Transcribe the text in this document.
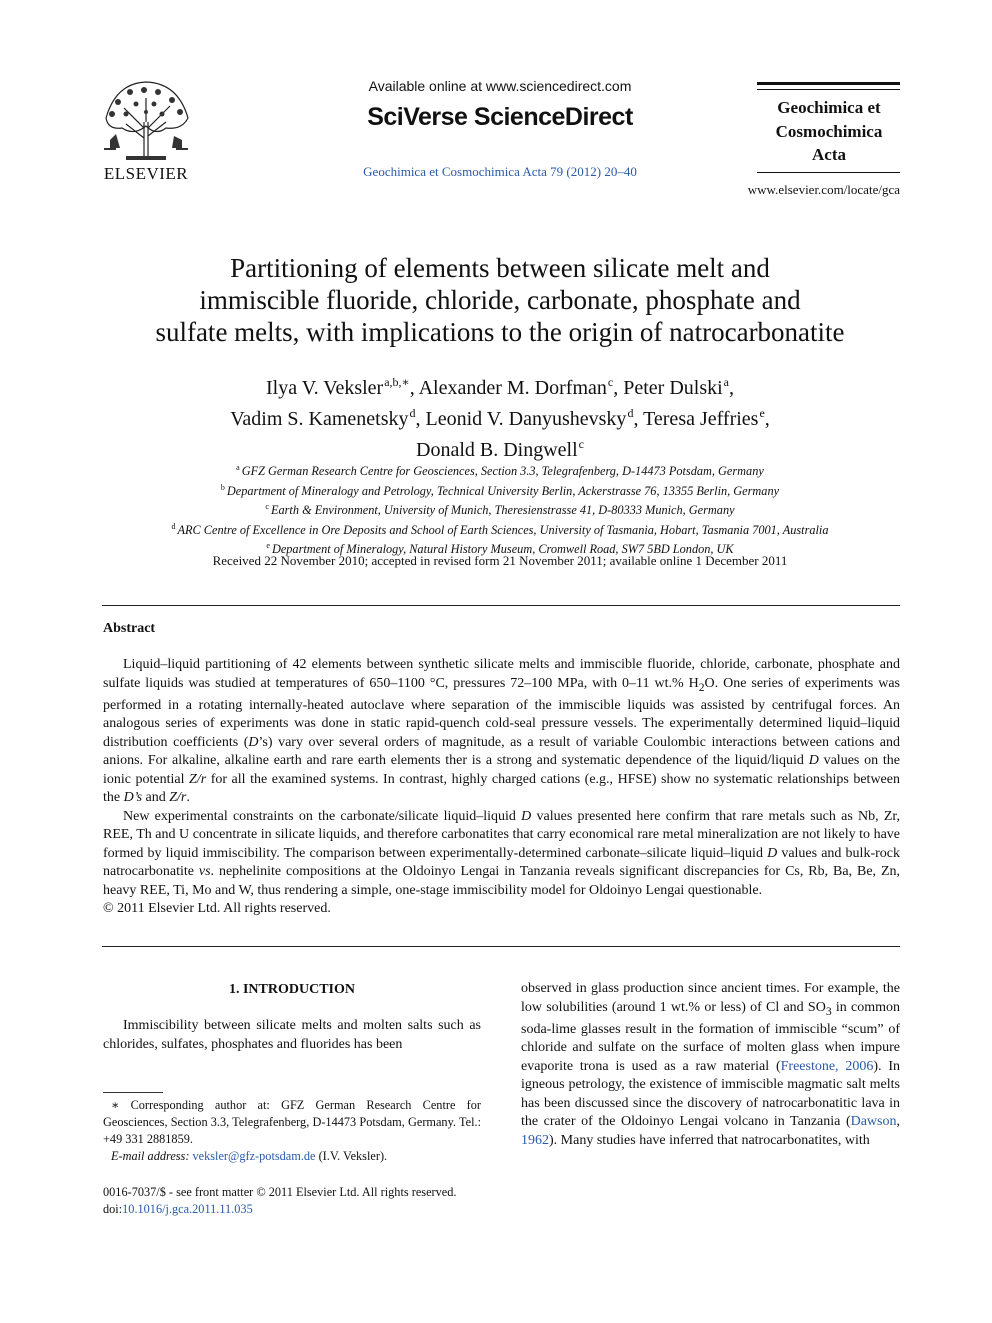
ELSEVIER
Available online at www.sciencedirect.com
SciVerse ScienceDirect
Geochimica et Cosmochimica Acta 79 (2012) 20–40
Geochimica et
Cosmochimica
Acta
www.elsevier.com/locate/gca
Partitioning of elements between silicate melt and
immiscible fluoride, chloride, carbonate, phosphate and
sulfate melts, with implications to the origin of natrocarbonatite
Ilya V. Veksler$^{a,b,∗}$, Alexander M. Dorfman$^c$, Peter Dulski$^a$,
Vadim S. Kamenetsky$^d$, Leonid V. Danyushevsky$^d$, Teresa Jeffries$^e$,
Donald B. Dingwell$^c$
$^a$ GFZ German Research Centre for Geosciences, Section 3.3, Telegrafenberg, D-14473 Potsdam, Germany
$^b$ Department of Mineralogy and Petrology, Technical University Berlin, Ackerstrasse 76, 13355 Berlin, Germany
$^c$ Earth & Environment, University of Munich, Theresienstrasse 41, D-80333 Munich, Germany
$^d$ ARC Centre of Excellence in Ore Deposits and School of Earth Sciences, University of Tasmania, Hobart, Tasmania 7001, Australia
$^e$ Department of Mineralogy, Natural History Museum, Cromwell Road, SW7 5BD London, UK
Received 22 November 2010; accepted in revised form 21 November 2011; available online 1 December 2011
Abstract

Liquid–liquid partitioning of 42 elements between synthetic silicate melts and immiscible fluoride, chloride, carbonate, phosphate and sulfate liquids was studied at temperatures of 650–1100 °C, pressures 72–100 MPa, with 0–11 wt.% $H_2O$. One series of experiments was performed in a rotating internally-heated autoclave where separation of the immiscible liquids was assisted by centrifugal forces. An analogous series of experiments was done in static rapid-quench cold-seal pressure vessels. The experimentally determined liquid–liquid distribution coefficients (D’s) vary over several orders of magnitude, as a result of variable Coulombic interactions between cations and anions. For alkaline, alkaline earth and rare earth elements ther is a strong and systematic dependence of the liquid/liquid D values on the ionic potential Z/r for all the examined systems. In contrast, highly charged cations (e.g., HFSE) show no systematic relationships between the D’s and Z/r.

New experimental constraints on the carbonate/silicate liquid–liquid D values presented here confirm that rare metals such as Nb, Zr, REE, Th and U concentrate in silicate liquids, and therefore carbonatites that carry economical rare metal mineralization are not likely to have formed by liquid immiscibility. The comparison between experimentally-determined carbonate–silicate liquid–liquid D values and bulk-rock natrocarbonatite vs. nephelinite compositions at the Oldoinyo Lengai in Tanzania reveals significant discrepancies for Cs, Rb, Ba, Be, Zn, heavy REE, Ti, Mo and W, thus rendering a simple, one-stage immiscibility model for Oldoinyo Lengai questionable.

© 2011 Elsevier Ltd. All rights reserved.

1. INTRODUCTION

Immiscibility between silicate melts and molten salts such as chlorides, sulfates, phosphates and fluorides has been

∗ Corresponding author at: GFZ German Research Centre for Geosciences, Section 3.3, Telegrafenberg, D-14473 Potsdam, Germany. Tel.: +49 331 2881859.

E-mail address: veksler@gfz-potsdam.de (I.V. Veksler).

0016-7037/$ - see front matter © 2011 Elsevier Ltd. All rights reserved.
doi:10.1016/j.gca.2011.11.035

observed in glass production since ancient times. For example, the low solubilities (around 1 wt.% or less) of Cl and $SO_3$ in common soda-lime glasses result in the formation of immiscible “scum” of chloride and sulfate on the surface of molten glass when impure evaporite trona is used as a raw material (Freestone, 2006). In igneous petrology, the existence of immiscible magmatic salt melts has been discussed since the discovery of natrocarbonatitic lava in the crater of the Oldoinyo Lengai volcano in Tanzania (Dawson, 1962). Many studies have inferred that natrocarbonatites, with
